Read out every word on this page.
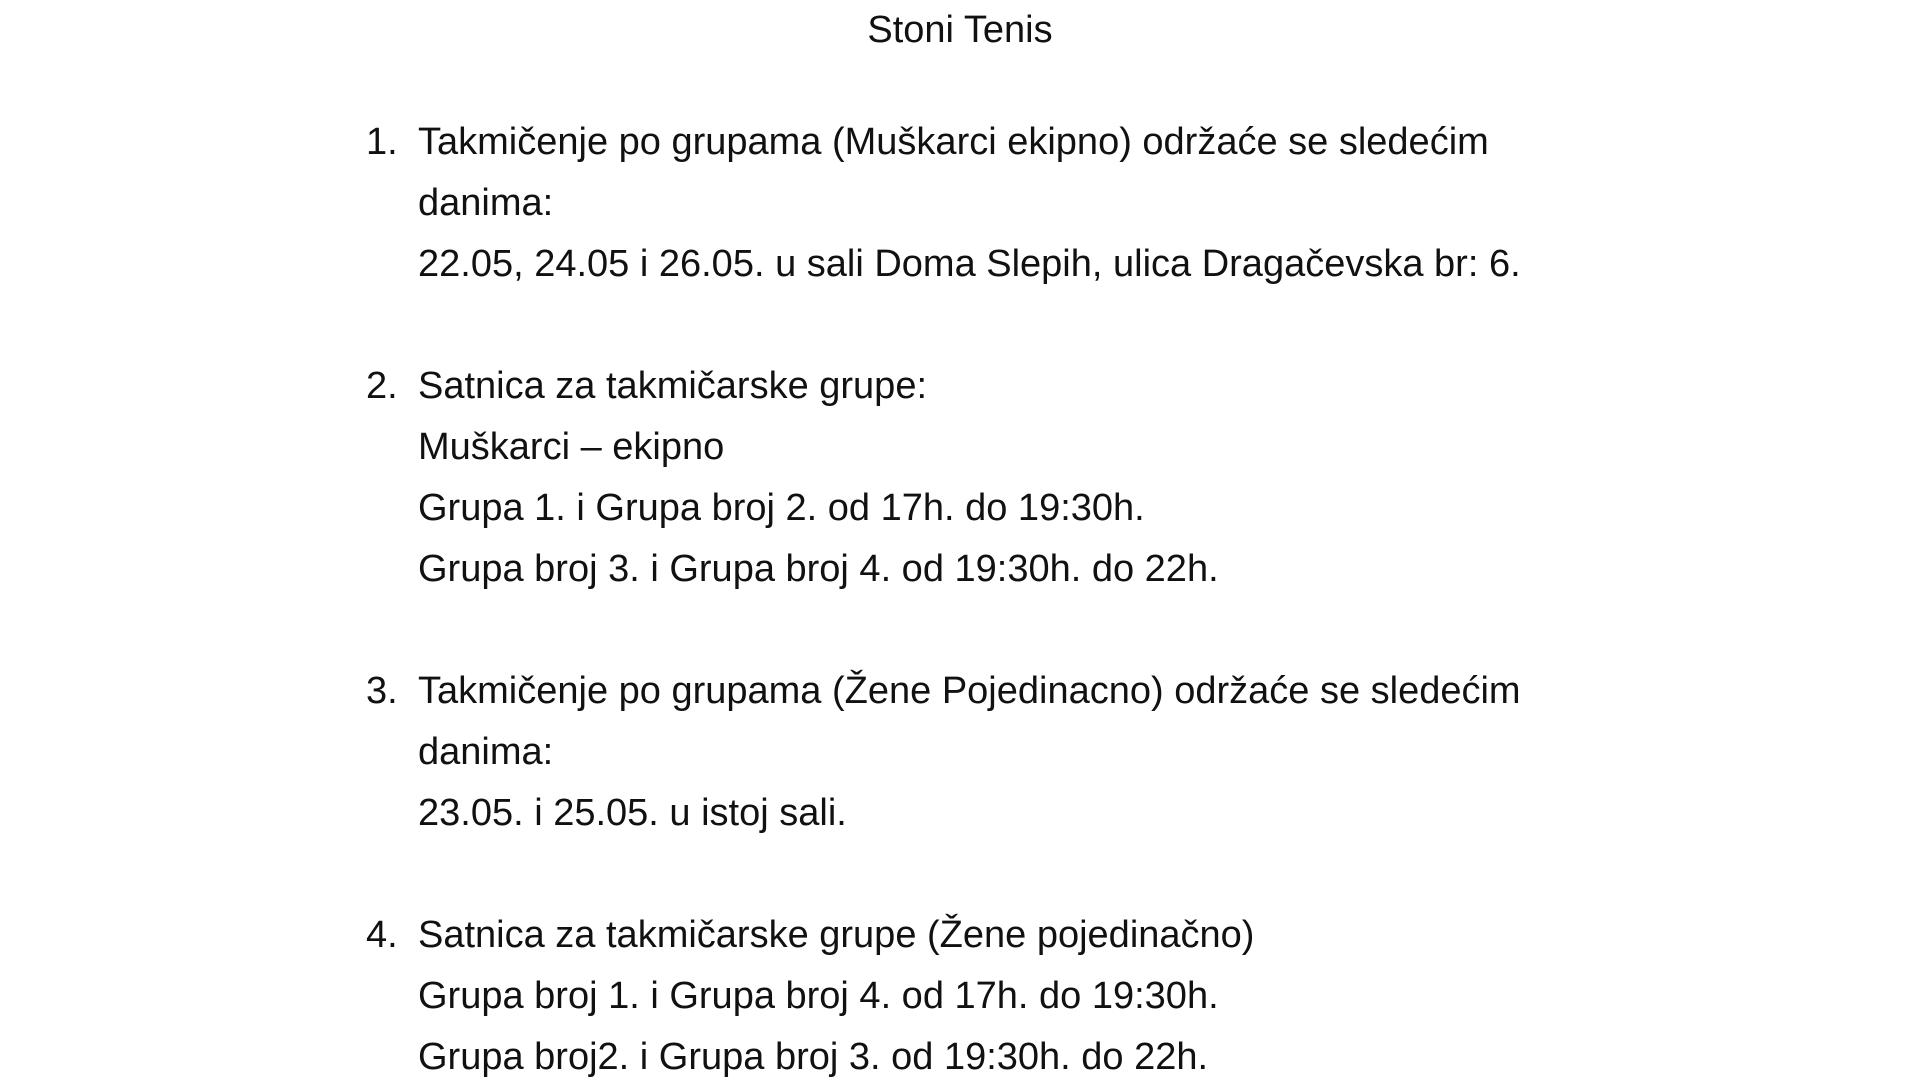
Stoni Tenis
1. Takmičenje po grupama (Muškarci ekipno) održaće se sledećim
danima:
22.05, 24.05 i 26.05. u sali Doma Slepih, ulica Dragačevska br: 6.
2. Satnica za takmičarske grupe:
Muškarci – ekipno
Grupa 1. i Grupa broj 2. od 17h. do 19:30h.
Grupa broj 3. i Grupa broj 4. od 19:30h. do 22h.
3. Takmičenje po grupama (Žene Pojedinacno) održaće se sledećim
danima:
23.05. i 25.05. u istoj sali.
4. Satnica za takmičarske grupe (Žene pojedinačno)
Grupa broj 1. i Grupa broj 4. od 17h. do 19:30h.
Grupa broj2. i Grupa broj 3. od 19:30h. do 22h.
